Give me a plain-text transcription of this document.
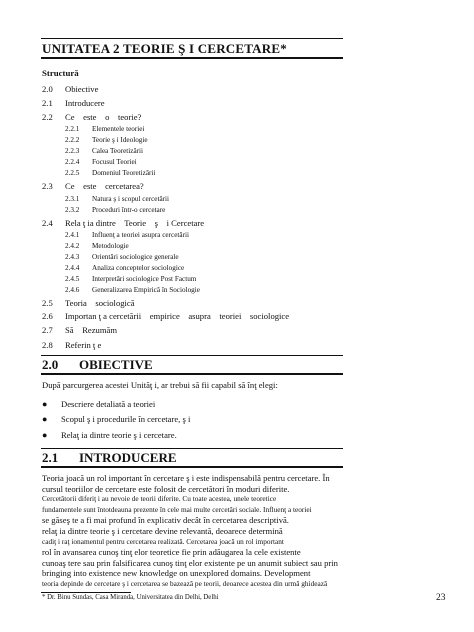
UNITATEA 2 TEORIE Ş I CERCETARE*
Structură
2.0 Obiective
2.1 Introducere
2.2 Ce    este    o    teorie?
2.2.1 Elementele teoriei
2.2.2 Teorie ş i Ideologie
2.2.3 Calea Teoretizării
2.2.4 Focusul Teoriei
2.2.5 Domeniul Teoretizării
2.3 Ce    este    cercetarea?
2.3.1 Natura ş i scopul cercetării
2.3.2 Proceduri într-o cercetare
2.4 Rela ţ ia dintre    Teorie    ş    i Cercetare
2.4.1 Influenţ a teoriei asupra cercetării
2.4.2 Metodologie
2.4.3 Orientări sociologice generale
2.4.4 Analiza conceptelor sociologice
2.4.5 Interpretări sociologice Post Factum
2.4.6 Generalizarea Empirică în Sociologie
2.5 Teoria    sociologică
2.6 Importan ţ a cercetării    empirice    asupra    teoriei    sociologice
2.7 Să    Rezumăm
2.8 Referin ţ e
2.0 OBIECTIVE
După parcurgerea acestei Unităţ i, ar trebui să fii capabil să înţ elegi:
● Descriere detaliată a teoriei
● Scopul ş i procedurile în cercetare, ş i
● Relaţ ia dintre teorie ş i cercetare.
2.1 INTRODUCERE
Teoria joacă un rol important în cercetare ş i este indispensabilă pentru cercetare. În
cursul teoriilor de cercetare este folosit de cercetători în moduri diferite.
Cercetătorii diferiţ i au nevoie de teorii diferite. Cu toate acestea, unele teoretice
fundamentele sunt întotdeauna prezente în cele mai multe cercetări sociale. Influenţ a teoriei
se găseş te a fi mai profund în explicativ decât în cercetarea descriptivă.
relaţ ia dintre teorie ş i cercetare devine relevantă, deoarece determină
cadiţ i raţ ionamentul pentru cercetarea realizată. Cercetarea joacă un rol important
rol în avansarea cunoş tinţ elor teoretice fie prin adăugarea la cele existente
cunoaş tere sau prin falsificarea cunoş tinţ elor existente pe un anumit subiect sau prin
bringing into existence new knowledge on unexplored domains. Development
teoria depinde de cercetare ş i cercetarea se bazează pe teorii, deoarece acestea din urmă ghidează
* Dr. Binu Sundas, Casa Miranda, Universitatea din Delhi, Delhi	23
